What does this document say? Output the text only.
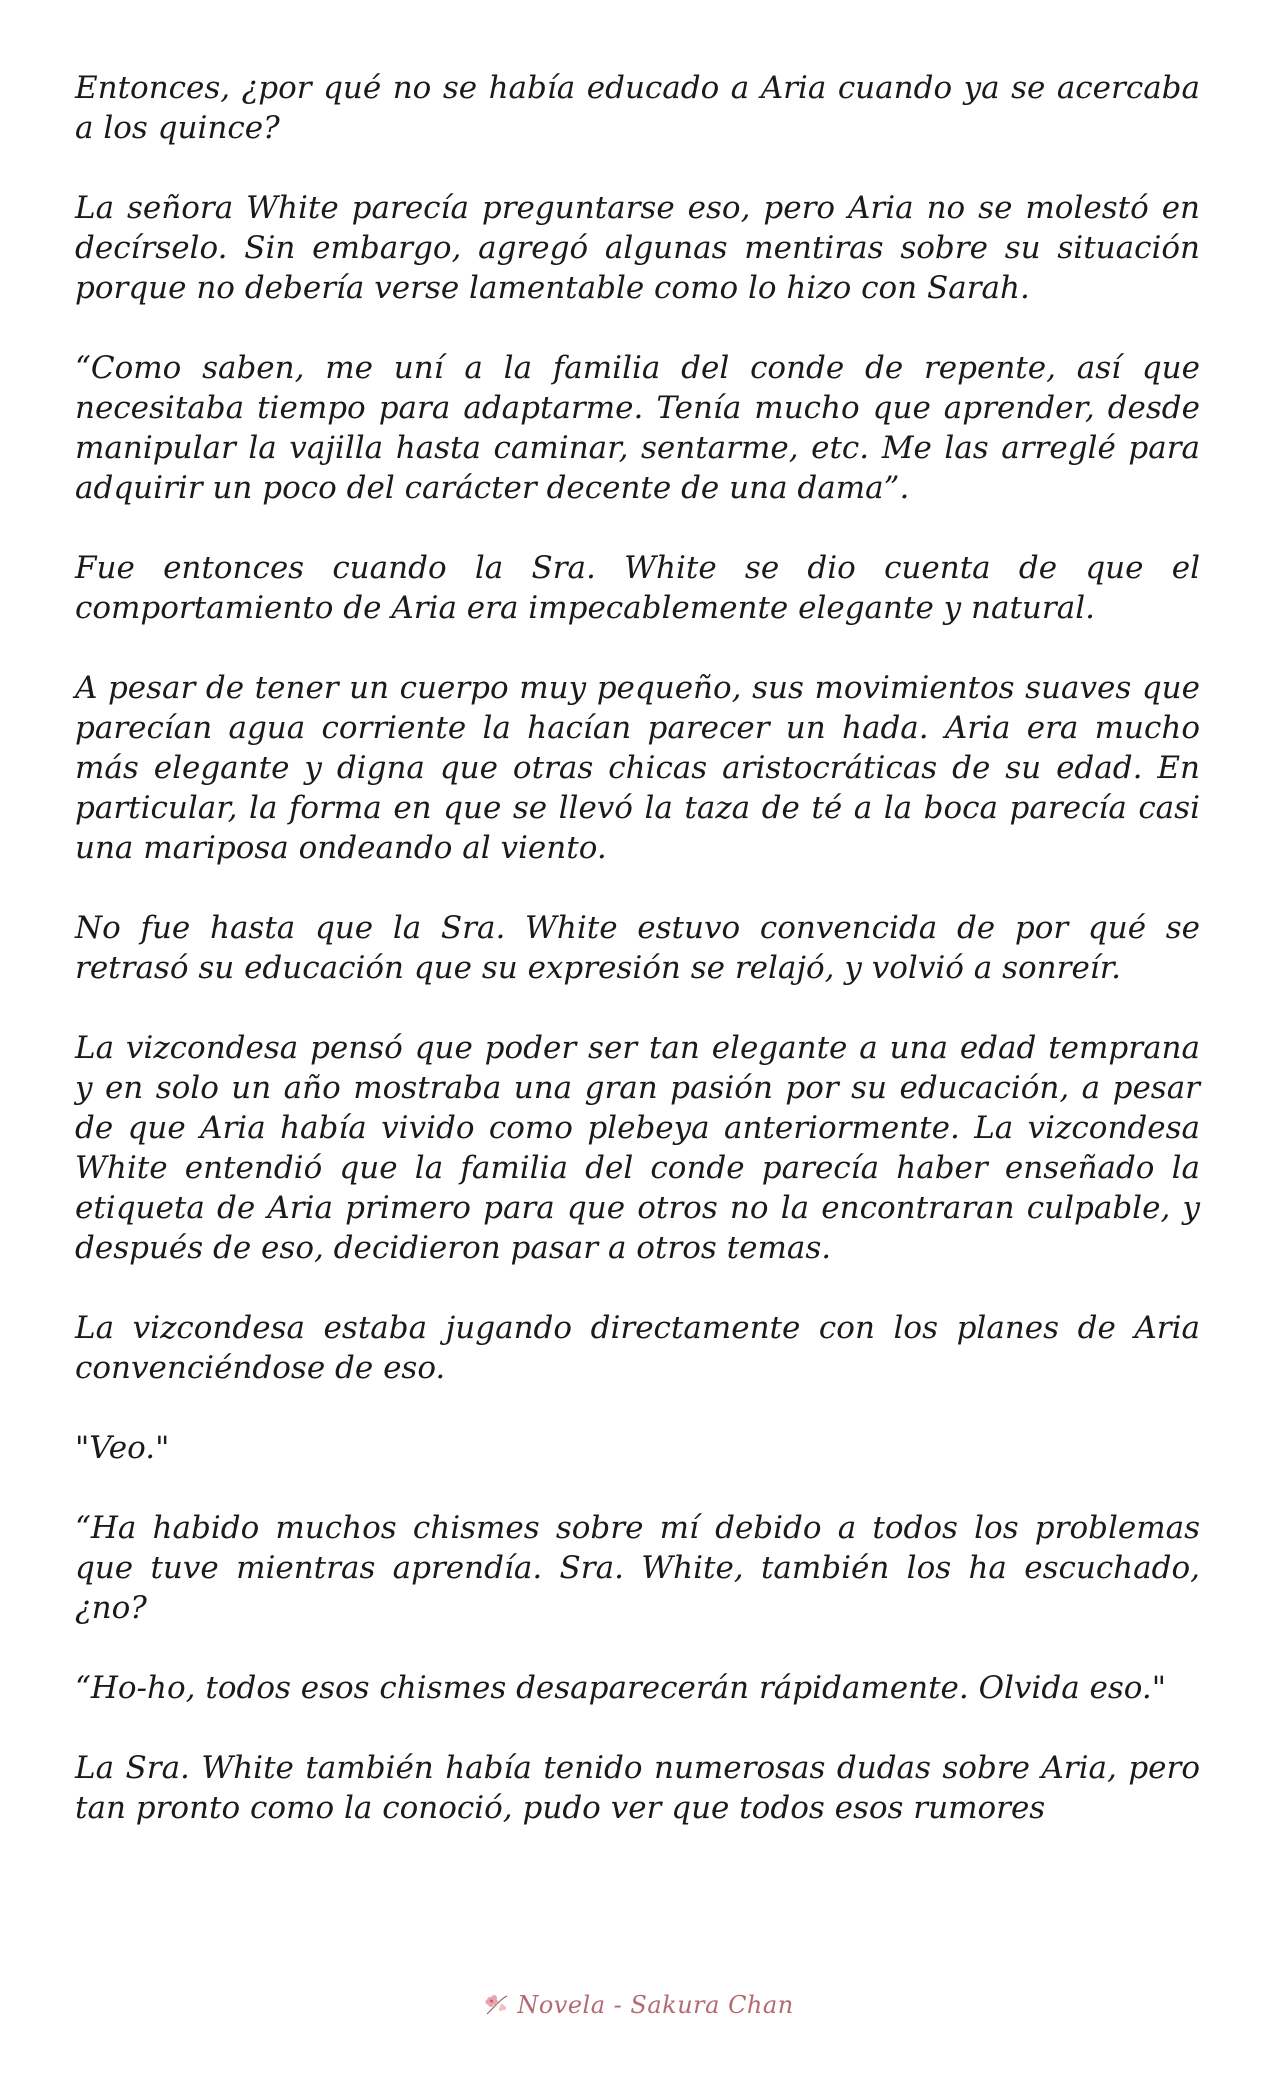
Entonces, ¿por qué no se había educado a Aria cuando ya se acercaba a los quince?

La señora White parecía preguntarse eso, pero Aria no se molestó en decírselo. Sin embargo, agregó algunas mentiras sobre su situación porque no debería verse lamentable como lo hizo con Sarah.

“Como saben, me uní a la familia del conde de repente, así que necesitaba tiempo para adaptarme. Tenía mucho que aprender, desde manipular la vajilla hasta caminar, sentarme, etc. Me las arreglé para adquirir un poco del carácter decente de una dama”.

Fue entonces cuando la Sra. White se dio cuenta de que el comportamiento de Aria era impecablemente elegante y natural.

A pesar de tener un cuerpo muy pequeño, sus movimientos suaves que parecían agua corriente la hacían parecer un hada. Aria era mucho más elegante y digna que otras chicas aristocráticas de su edad. En particular, la forma en que se llevó la taza de té a la boca parecía casi una mariposa ondeando al viento.

No fue hasta que la Sra. White estuvo convencida de por qué se retrasó su educación que su expresión se relajó, y volvió a sonreír.

La vizcondesa pensó que poder ser tan elegante a una edad temprana y en solo un año mostraba una gran pasión por su educación, a pesar de que Aria había vivido como plebeya anteriormente. La vizcondesa White entendió que la familia del conde parecía haber enseñado la etiqueta de Aria primero para que otros no la encontraran culpable, y después de eso, decidieron pasar a otros temas.

La vizcondesa estaba jugando directamente con los planes de Aria convenciéndose de eso.

"Veo."

“Ha habido muchos chismes sobre mí debido a todos los problemas que tuve mientras aprendía. Sra. White, también los ha escuchado, ¿no?

“Ho-ho, todos esos chismes desaparecerán rápidamente. Olvida eso."

La Sra. White también había tenido numerosas dudas sobre Aria, pero tan pronto como la conoció, pudo ver que todos esos rumores

Novela - Sakura Chan
